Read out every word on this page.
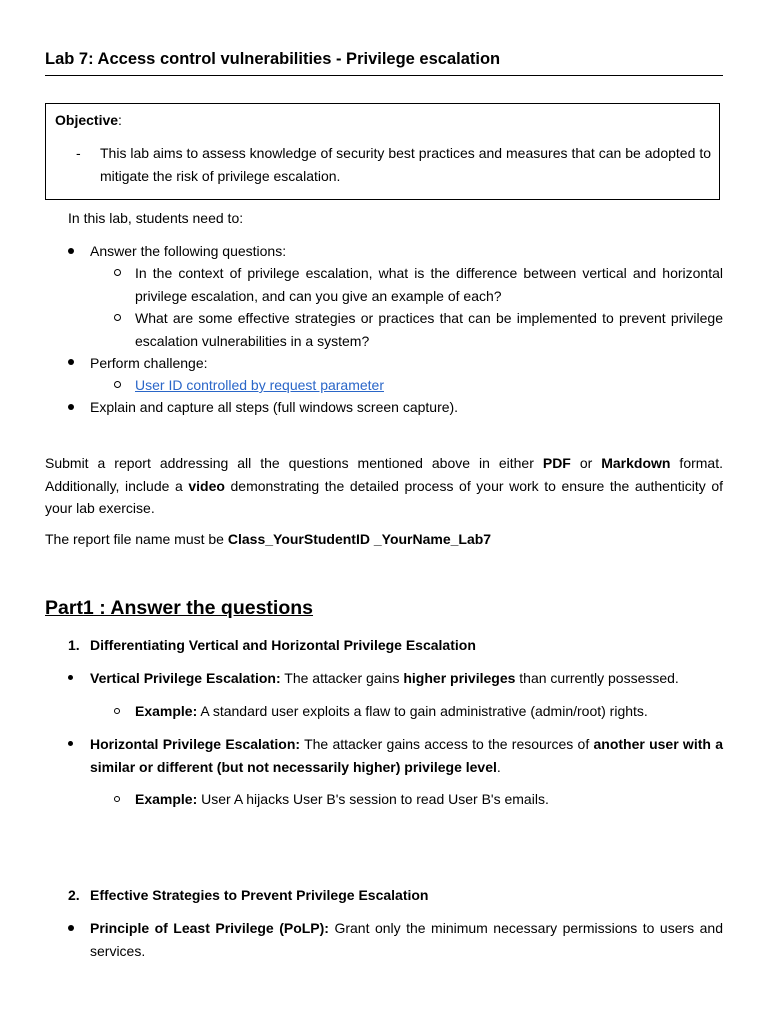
Lab 7: Access control vulnerabilities - Privilege escalation
Objective:
- This lab aims to assess knowledge of security best practices and measures that can be adopted to mitigate the risk of privilege escalation.
In this lab, students need to:
Answer the following questions:
In the context of privilege escalation, what is the difference between vertical and horizontal privilege escalation, and can you give an example of each?
What are some effective strategies or practices that can be implemented to prevent privilege escalation vulnerabilities in a system?
Perform challenge:
User ID controlled by request parameter
Explain and capture all steps (full windows screen capture).
Submit a report addressing all the questions mentioned above in either PDF or Markdown format. Additionally, include a video demonstrating the detailed process of your work to ensure the authenticity of your lab exercise.
The report file name must be Class_YourStudentID _YourName_Lab7
Part1 : Answer the questions
1. Differentiating Vertical and Horizontal Privilege Escalation
Vertical Privilege Escalation: The attacker gains higher privileges than currently possessed.
Example: A standard user exploits a flaw to gain administrative (admin/root) rights.
Horizontal Privilege Escalation: The attacker gains access to the resources of another user with a similar or different (but not necessarily higher) privilege level.
Example: User A hijacks User B's session to read User B's emails.
2. Effective Strategies to Prevent Privilege Escalation
Principle of Least Privilege (PoLP): Grant only the minimum necessary permissions to users and services.
